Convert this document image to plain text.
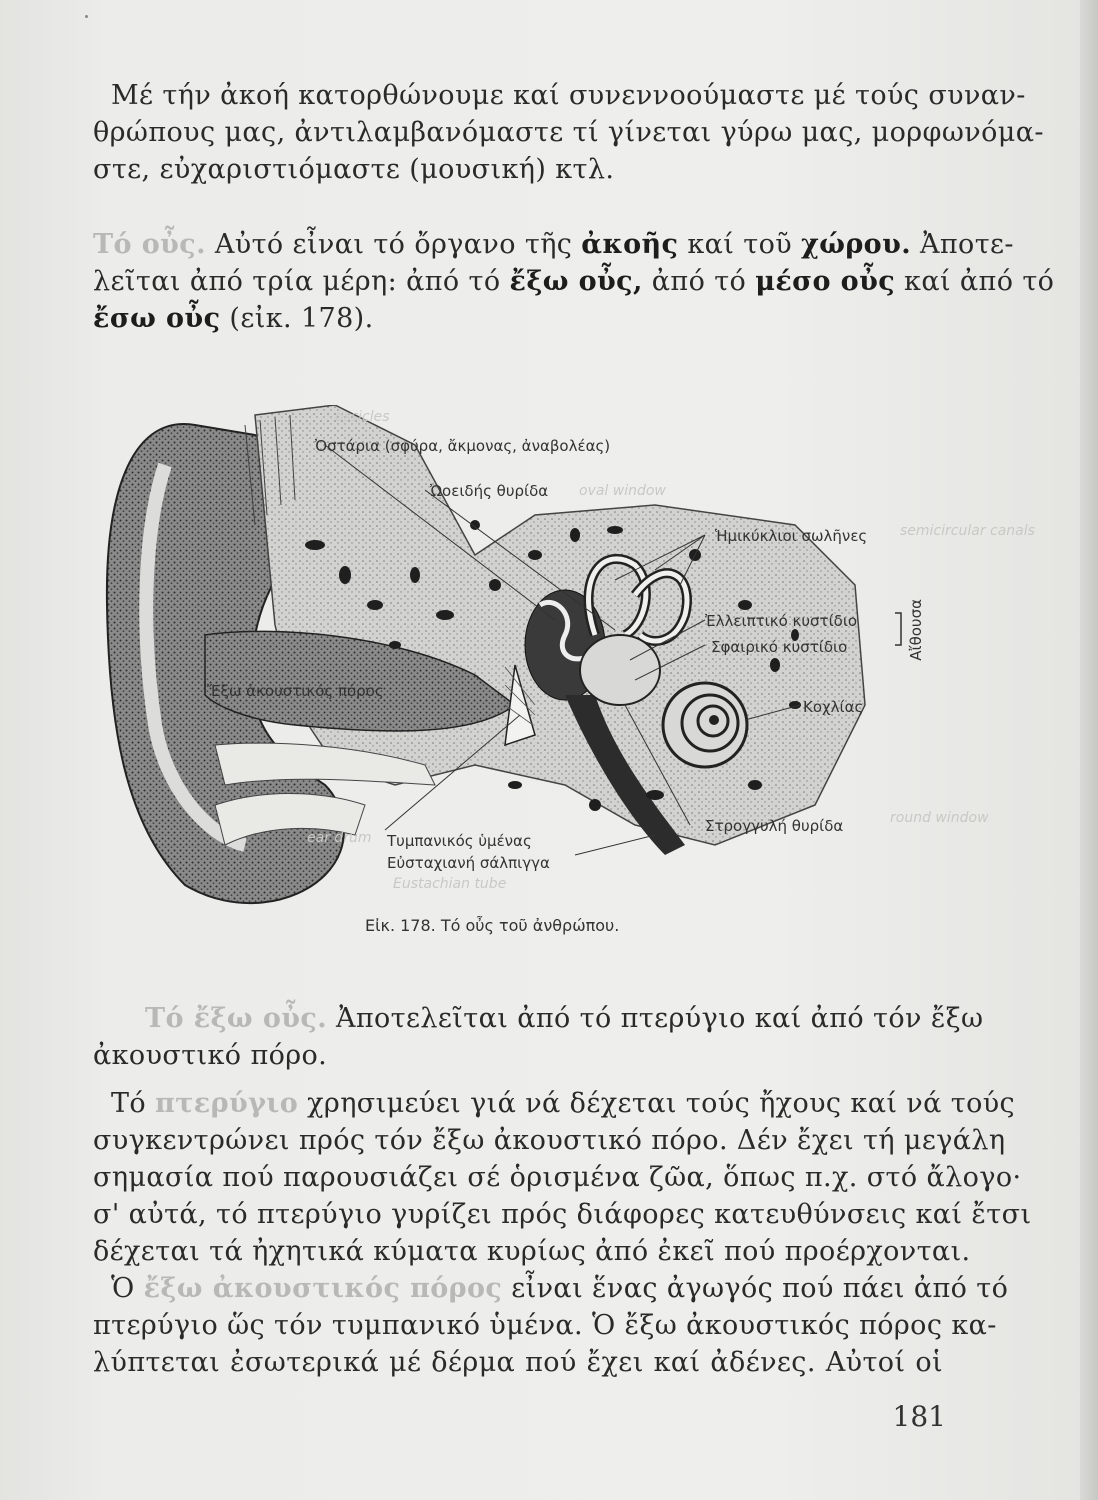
Μέ τήν ἀκοή κατορθώνουμε καί συνεννοούμαστε μέ τούς συναν-
θρώπους μας, ἀντιλαμβανόμαστε τί γίνεται γύρω μας, μορφωνόμα-
στε, εὐχαριστιόμαστε (μουσική) κτλ.

Τό οὖς. Αὐτό εἶναι τό ὄργανο τῆς ἀκοῆς καί τοῦ χώρου. Ἀποτε-
λεῖται ἀπό τρία μέρη: ἀπό τό ἔξω οὖς, ἀπό τό μέσο οὖς καί ἀπό τό
ἔσω οὖς (εἰκ. 178).

Ὀστάρια (σφύρα, ἄκμονας, ἀναβολέας)
ossicles
Ὠοειδής θυρίδα oval window
Ἡμικύκλιοι σωλῆνες semicircular canals
Ἐλλειπτικό κυστίδιο
Σφαιρικό κυστίδιο	Αἴθουσα
Κοχλίας
Ἔξω ἀκουστικός πόρος
Στρογγυλή θυρίδα	round window
Τυμπανικός ὑμένας
ear drum
Εὐσταχιανή σάλπιγγα
Eustachian tube
Εἰκ. 178. Τό οὖς τοῦ ἀνθρώπου.

Τό ἔξω οὖς. Ἀποτελεῖται ἀπό τό πτερύγιο καί ἀπό τόν ἔξω
ἀκουστικό πόρο.

Τό πτερύγιο χρησιμεύει γιά νά δέχεται τούς ἤχους καί νά τούς
συγκεντρώνει πρός τόν ἔξω ἀκουστικό πόρο. Δέν ἔχει τή μεγάλη
σημασία πού παρουσιάζει σέ ὁρισμένα ζῶα, ὅπως π.χ. στό ἄλογο·
σ' αὐτά, τό πτερύγιο γυρίζει πρός διάφορες κατευθύνσεις καί ἔτσι
δέχεται τά ἠχητικά κύματα κυρίως ἀπό ἐκεῖ πού προέρχονται.

Ὁ ἔξω ἀκουστικός πόρος εἶναι ἕνας ἀγωγός πού πάει ἀπό τό
πτερύγιο ὥς τόν τυμπανικό ὑμένα. Ὁ ἔξω ἀκουστικός πόρος κα-
λύπτεται ἐσωτερικά μέ δέρμα πού ἔχει καί ἀδένες. Αὐτοί οἱ

181
